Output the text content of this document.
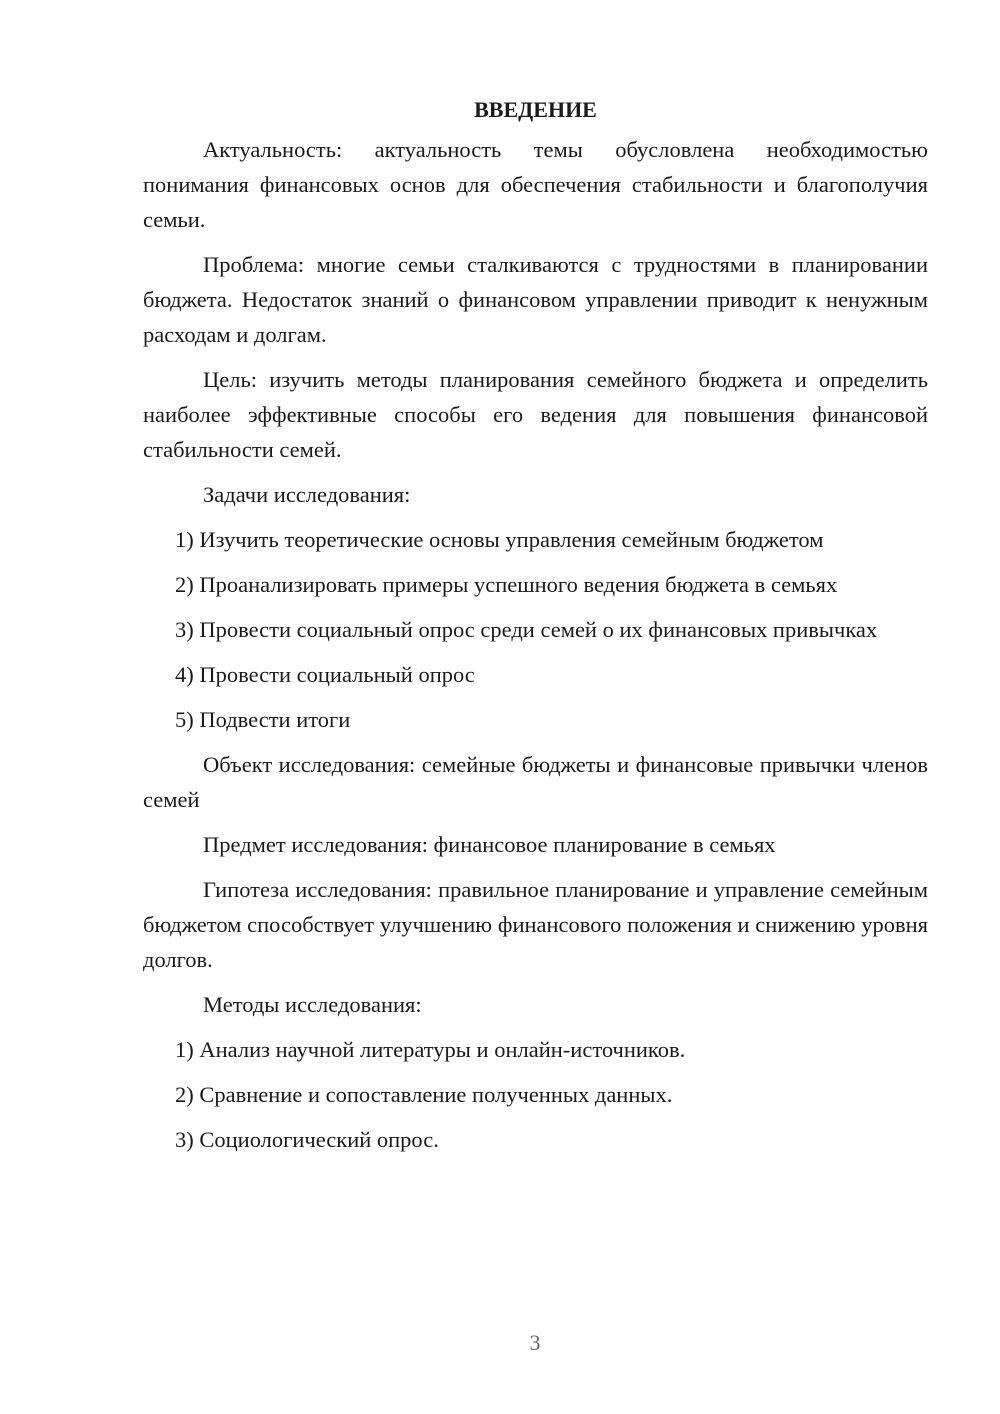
ВВЕДЕНИЕ

Актуальность: актуальность темы обусловлена необходимостью понимания финансовых основ для обеспечения стабильности и благополучия семьи.

Проблема: многие семьи сталкиваются с трудностями в планировании бюджета. Недостаток знаний о финансовом управлении приводит к ненужным расходам и долгам.

Цель: изучить методы планирования семейного бюджета и определить наиболее эффективные способы его ведения для повышения финансовой стабильности семей.

Задачи исследования:

1) Изучить теоретические основы управления семейным бюджетом

2) Проанализировать примеры успешного ведения бюджета в семьях

3) Провести социальный опрос среди семей о их финансовых привычках

4) Провести социальный опрос

5) Подвести итоги

Объект исследования: семейные бюджеты и финансовые привычки членов семей

Предмет исследования: финансовое планирование в семьях

Гипотеза исследования: правильное планирование и управление семейным бюджетом способствует улучшению финансового положения и снижению уровня долгов.

Методы исследования:

1) Анализ научной литературы и онлайн-источников.

2) Сравнение и сопоставление полученных данных.

3) Социологический опрос.

3
